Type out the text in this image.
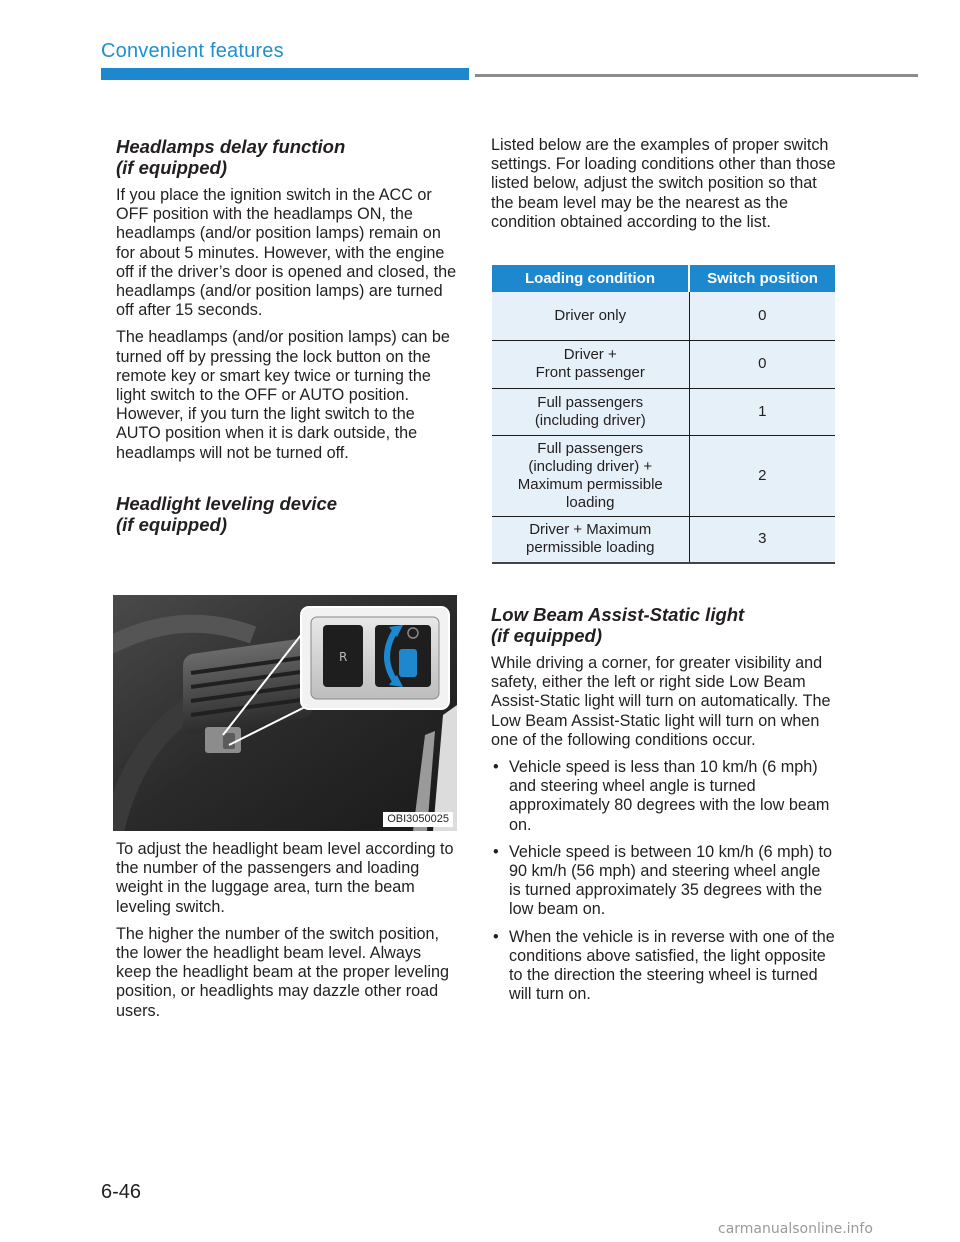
Convenient features
Headlamps delay function
(if equipped)

If you place the ignition switch in the ACC or OFF position with the headlamps ON, the headlamps (and/or position lamps) remain on for about 5 minutes. However, with the engine off if the driver’s door is opened and closed, the headlamps (and/or position lamps) are turned off after 15 seconds.

The headlamps (and/or position lamps) can be turned off by pressing the lock button on the remote key or smart key twice or turning the light switch to the OFF or AUTO position. However, if you turn the light switch to the AUTO position when it is dark outside, the headlamps will not be turned off.

Headlight leveling device
(if equipped)
R
OBI3050025

To adjust the headlight beam level according to the number of the passengers and loading weight in the luggage area, turn the beam leveling switch.

The higher the number of the switch position, the lower the headlight beam level. Always keep the headlight beam at the proper leveling position, or headlights may dazzle other road users.

Listed below are the examples of proper switch settings. For loading conditions other than those listed below, adjust the switch position so that the beam level may be the nearest as the condition obtained according to the list.

Loading condition	Switch position
Driver only	0
Driver +
Front passenger	0
Full passengers
(including driver)	1
Full passengers
(including driver) +
Maximum permissible
loading	2
Driver + Maximum
permissible loading	3
Low Beam Assist-Static light
(if equipped)

While driving a corner, for greater visibility and safety, either the left or right side Low Beam Assist-Static light will turn on automatically. The Low Beam Assist-Static light will turn on when one of the following conditions occur.

• Vehicle speed is less than 10 km/h (6 mph) and steering wheel angle is turned approximately 80 degrees with the low beam on.
• Vehicle speed is between 10 km/h (6 mph) to 90 km/h (56 mph) and steering wheel angle is turned approximately 35 degrees with the low beam on.
• When the vehicle is in reverse with one of the conditions above satisfied, the light opposite to the direction the steering wheel is turned will turn on.
6-46
carmanualsonline.info
